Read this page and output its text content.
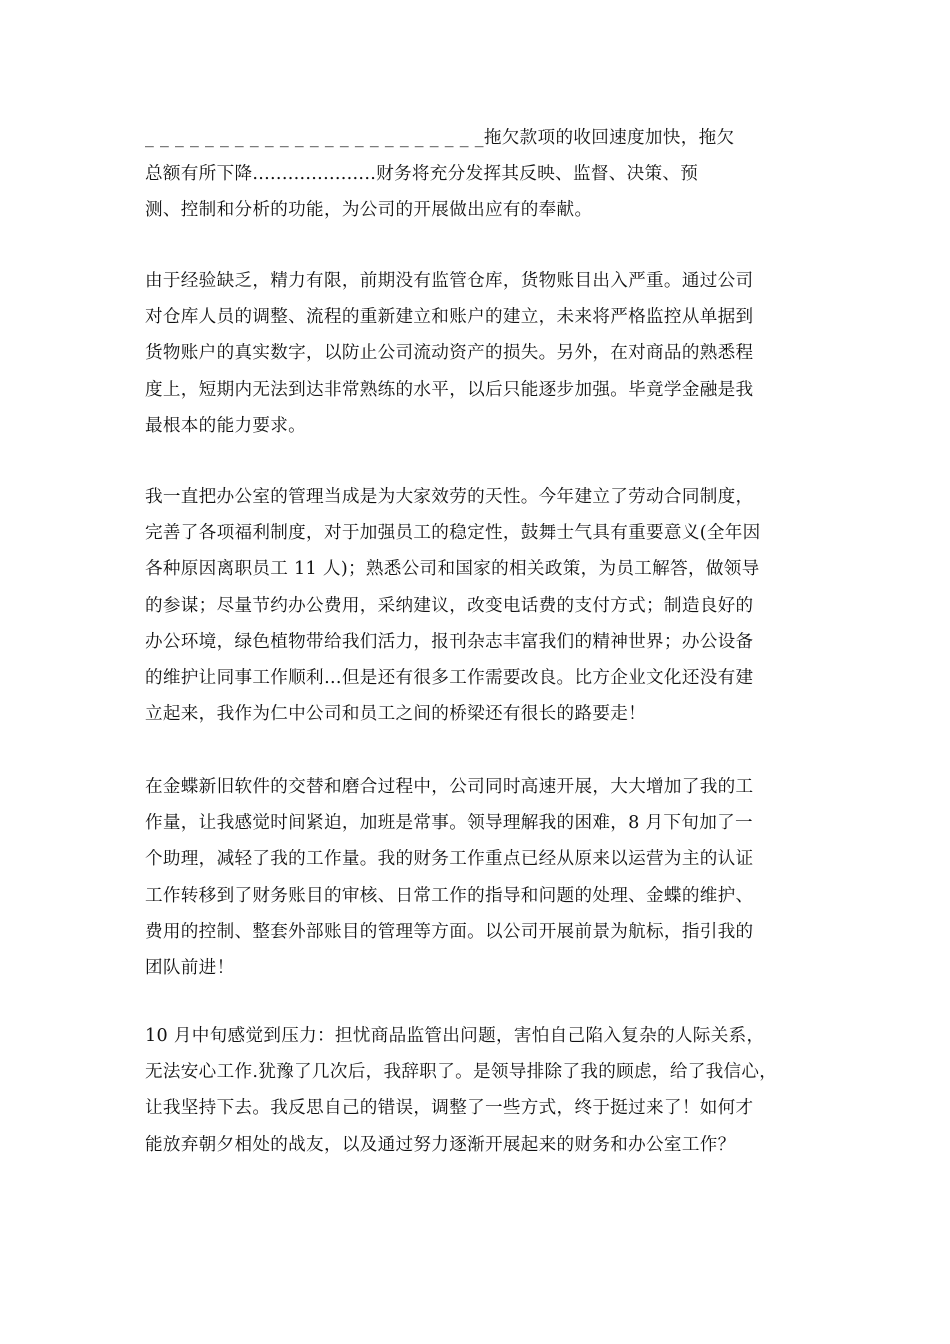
_ _ _ _ _ _ _ _ _ _ _ _ _ _ _ _ _ _ _ _ _ _ _拖欠款项的收回速度加快，拖欠
总额有所下降.....................财务将充分发挥其反映、监督、决策、预
测、控制和分析的功能，为公司的开展做出应有的奉献。
由于经验缺乏，精力有限，前期没有监管仓库，货物账目出入严重。通过公司
对仓库人员的调整、流程的重新建立和账户的建立，未来将严格监控从单据到
货物账户的真实数字，以防止公司流动资产的损失。另外，在对商品的熟悉程
度上，短期内无法到达非常熟练的水平，以后只能逐步加强。毕竟学金融是我
最根本的能力要求。
我一直把办公室的管理当成是为大家效劳的天性。今年建立了劳动合同制度，
完善了各项福利制度，对于加强员工的稳定性，鼓舞士气具有重要意义(全年因
各种原因离职员工 11 人)；熟悉公司和国家的相关政策，为员工解答，做领导
的参谋；尽量节约办公费用，采纳建议，改变电话费的支付方式；制造良好的
办公环境，绿色植物带给我们活力，报刊杂志丰富我们的精神世界；办公设备
的维护让同事工作顺利…但是还有很多工作需要改良。比方企业文化还没有建
立起来，我作为仁中公司和员工之间的桥梁还有很长的路要走！
在金蝶新旧软件的交替和磨合过程中，公司同时高速开展，大大增加了我的工
作量，让我感觉时间紧迫，加班是常事。领导理解我的困难，8 月下旬加了一
个助理，减轻了我的工作量。我的财务工作重点已经从原来以运营为主的认证
工作转移到了财务账目的审核、日常工作的指导和问题的处理、金蝶的维护、
费用的控制、整套外部账目的管理等方面。以公司开展前景为航标，指引我的
团队前进！
10 月中旬感觉到压力：担忧商品监管出问题，害怕自己陷入复杂的人际关系，
无法安心工作.犹豫了几次后，我辞职了。是领导排除了我的顾虑，给了我信心，
让我坚持下去。我反思自己的错误，调整了一些方式，终于挺过来了！如何才
能放弃朝夕相处的战友，以及通过努力逐渐开展起来的财务和办公室工作？
